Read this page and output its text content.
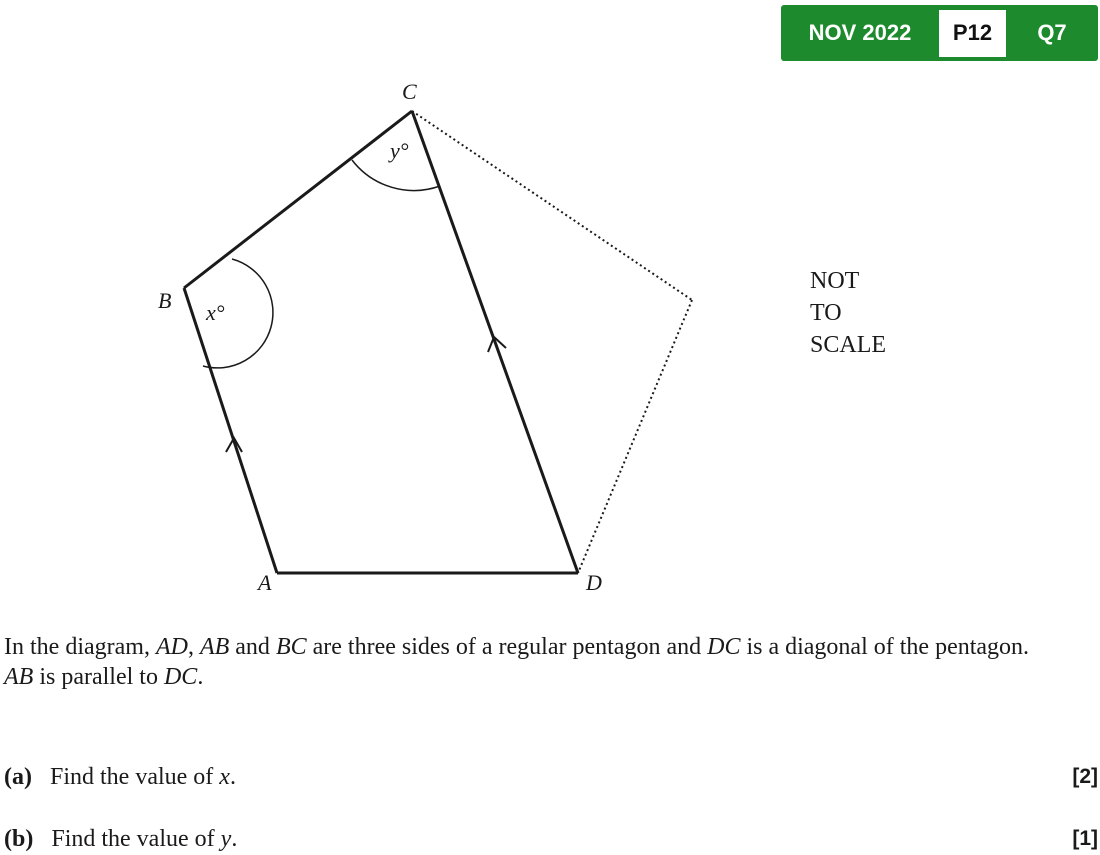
NOV 2022	P12	Q7
C
B
A	D
x°
y°
NOT
TO
SCALE

In the diagram, AD, AB and BC are three sides of a regular pentagon and DC is a diagonal of the pentagon.

AB is parallel to DC.

(a) Find the value of x.	[2]
(b) Find the value of y.	[1]
